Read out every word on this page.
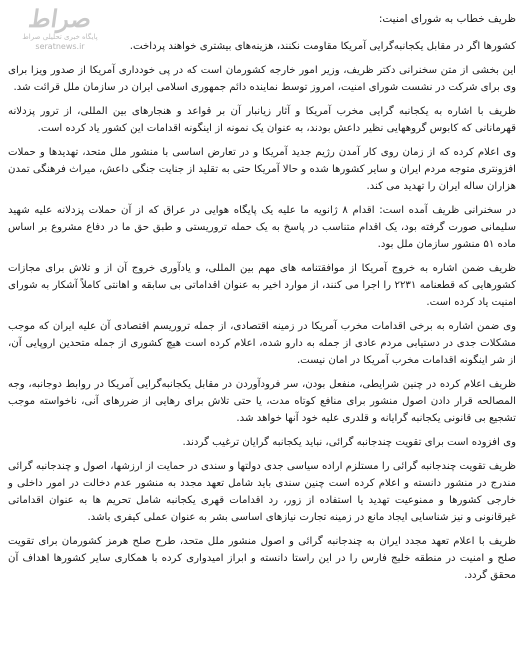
ظریف خطاب به شورای امنیت:
صراط
پایگاه خبری تحلیلی صراط
seratnews.ir	کشورها اگر در مقابل یکجانبه‌گرایی آمریکا مقاومت نکنند، هزینه‌های بیشتری خواهند پرداخت.

این بخشی از متن سخنرانی دکتر ظریف، وزیر امور خارجه کشورمان است که در پی خودداری آمریکا از صدور ویزا برای وی برای شرکت در نشست شورای امنیت، امروز توسط نماینده دائم جمهوری اسلامی ایران در سازمان ملل قرائت شد.

ظریف با اشاره به یکجانبه گرایی مخرب آمریکا و آثار زیانبار آن بر قواعد و هنجارهای بین المللی، از ترور پزدلانه قهرمانانی که کابوس گروههایی نظیر داعش بودند، به عنوان یک نمونه از اینگونه اقدامات این کشور یاد کرده است.

وی اعلام کرده که از زمان روی کار آمدن رژیم جدید آمریکا و در تعارض اساسی با منشور ملل متحد، تهدیدها و حملات افزونتری متوجه مردم ایران و سایر کشورها شده و حالا آمریکا حتی به تقلید از جنایت جنگی داعش، میراث فرهنگی تمدن هزاران ساله ایران را تهدید می کند.

در سخنرانی ظریف آمده است: اقدام ۸ ژانویه ما علیه یک پایگاه هوایی در عراق که از آن حملات پزدلانه علیه شهید سلیمانی صورت گرفته بود، یک اقدام متناسب در پاسخ به یک حمله تروریستی و طبق حق ما در دفاع مشروع بر اساس ماده ۵۱ منشور سازمان ملل بود.

ظریف ضمن اشاره به خروج آمریکا از موافقتنامه های مهم بین المللی، و یادآوری خروج آن از و تلاش برای مجازات کشورهایی که قطعنامه ۲۲۳۱ را اجرا می کنند، از موارد اخیر به عنوان اقداماتی بی سابقه و اهانتی کاملاً آشکار به شورای امنیت یاد کرده است.

وی ضمن اشاره به برخی اقدامات مخرب آمریکا در زمینه اقتصادی، از جمله تروریسم اقتصادی آن علیه ایران که موجب مشکلات جدی در دستیابی مردم عادی از جمله به دارو شده، اعلام کرده است هیچ کشوری از جمله متحدین اروپایی آن، از شر اینگونه اقدامات مخرب آمریکا در امان نیست.

ظریف اعلام کرده در چنین شرایطی، منفعل بودن، سر فرودآوردن در مقابل یکجانبه‌گرایی آمریکا در روابط دوجانبه، وجه المصالحه قرار دادن اصول منشور برای منافع کوتاه مدت، یا حتی تلاش برای رهایی از ضررهای آنی، ناخواسته موجب تشجیع بی قانونی یکجانبه گرایانه و قلدری علیه خود آنها خواهد شد.

وی افزوده است برای تقویت چندجانبه گرائی، نباید یکجانبه گرایان ترغیب گردند.

ظریف تقویت چندجانبه گرائی را مستلزم اراده سیاسی جدی دولتها و سندی در حمایت از ارزشها، اصول و چندجانبه گرائی مندرج در منشور دانسته و اعلام کرده است چنین سندی باید شامل تعهد مجدد به منشور عدم دخالت در امور داخلی و خارجی کشورها و ممنوعیت تهدید یا استفاده از زور، رد اقدامات قهری یکجانبه شامل تحریم ها به عنوان اقداماتی غیرقانونی و نیز شناسایی ایجاد مانع در زمینه تجارت نیازهای اساسی بشر به عنوان عملی کیفری باشد.

ظریف با اعلام تعهد مجدد ایران به چندجانبه گرائی و اصول منشور ملل متحد، طرح صلح هرمز کشورمان برای تقویت صلح و امنیت در منطقه خلیج فارس را در این راستا دانسته و ابراز امیدواری کرده با همکاری سایر کشورها اهداف آن محقق گردد.
